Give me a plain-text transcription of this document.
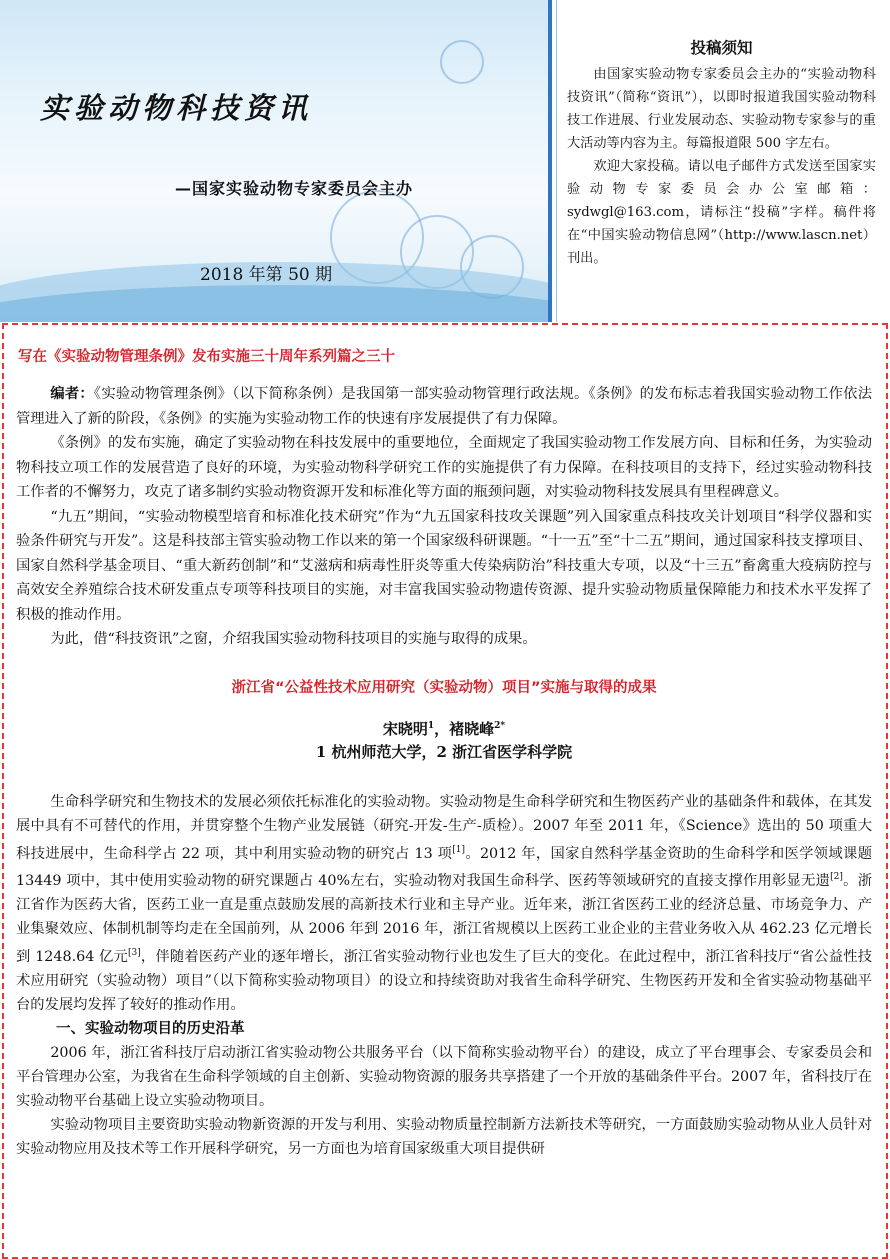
实验动物科技资讯
—国家实验动物专家委员会主办
2018 年第 50 期
投稿须知

由国家实验动物专家委员会主办的“实验动物科技资讯”（简称“资讯”），以即时报道我国实验动物科技工作进展、行业发展动态、实验动物专家参与的重大活动等内容为主。每篇报道限 500 字左右。

欢迎大家投稿。请以电子邮件方式发送至国家实验动物专家委员会办公室邮箱：sydwgl@163.com，请标注“投稿”字样。稿件将在“中国实验动物信息网”（http://www.lascn.net）刊出。

写在《实验动物管理条例》发布实施三十周年系列篇之三十

编者：《实验动物管理条例》（以下简称条例）是我国第一部实验动物管理行政法规。《条例》的发布标志着我国实验动物工作依法管理进入了新的阶段，《条例》的实施为实验动物工作的快速有序发展提供了有力保障。

《条例》的发布实施，确定了实验动物在科技发展中的重要地位，全面规定了我国实验动物工作发展方向、目标和任务，为实验动物科技立项工作的发展营造了良好的环境，为实验动物科学研究工作的实施提供了有力保障。在科技项目的支持下，经过实验动物科技工作者的不懈努力，攻克了诸多制约实验动物资源开发和标准化等方面的瓶颈问题，对实验动物科技发展具有里程碑意义。

“九五”期间，“实验动物模型培育和标准化技术研究”作为“九五国家科技攻关课题”列入国家重点科技攻关计划项目“科学仪器和实验条件研究与开发”。这是科技部主管实验动物工作以来的第一个国家级科研课题。“十一五”至“十二五”期间，通过国家科技支撑项目、国家自然科学基金项目、“重大新药创制”和“艾滋病和病毒性肝炎等重大传染病防治”科技重大专项，以及“十三五”畜禽重大疫病防控与高效安全养殖综合技术研发重点专项等科技项目的实施，对丰富我国实验动物遗传资源、提升实验动物质量保障能力和技术水平发挥了积极的推动作用。

为此，借“科技资讯”之窗，介绍我国实验动物科技项目的实施与取得的成果。

浙江省“公益性技术应用研究（实验动物）项目”实施与取得的成果

宋晓明$^1$，褚晓峰$^{2*}$

1 杭州师范大学，2 浙江省医学科学院

生命科学研究和生物技术的发展必须依托标准化的实验动物。实验动物是生命科学研究和生物医药产业的基础条件和载体，在其发展中具有不可替代的作用，并贯穿整个生物产业发展链（研究-开发-生产-质检）。2007 年至 2011 年，《Science》选出的 50 项重大科技进展中，生命科学占 22 项，其中利用实验动物的研究占 13 项[1]。2012 年，国家自然科学基金资助的生命科学和医学领域课题 13449 项中，其中使用实验动物的研究课题占 40%左右，实验动物对我国生命科学、医药等领域研究的直接支撑作用彰显无遗[2]。浙江省作为医药大省，医药工业一直是重点鼓励发展的高新技术行业和主导产业。近年来，浙江省医药工业的经济总量、市场竞争力、产业集聚效应、体制机制等均走在全国前列，从 2006 年到 2016 年，浙江省规模以上医药工业企业的主营业务收入从 462.23 亿元增长到 1248.64 亿元[3]，伴随着医药产业的逐年增长，浙江省实验动物行业也发生了巨大的变化。在此过程中，浙江省科技厅“省公益性技术应用研究（实验动物）项目”（以下简称实验动物项目）的设立和持续资助对我省生命科学研究、生物医药开发和全省实验动物基础平台的发展均发挥了较好的推动作用。

一、实验动物项目的历史沿革

2006 年，浙江省科技厅启动浙江省实验动物公共服务平台（以下简称实验动物平台）的建设，成立了平台理事会、专家委员会和平台管理办公室，为我省在生命科学领域的自主创新、实验动物资源的服务共享搭建了一个开放的基础条件平台。2007 年，省科技厅在实验动物平台基础上设立实验动物项目。

实验动物项目主要资助实验动物新资源的开发与利用、实验动物质量控制新方法新技术等研究，一方面鼓励实验动物从业人员针对实验动物应用及技术等工作开展科学研究，另一方面也为培育国家级重大项目提供研
